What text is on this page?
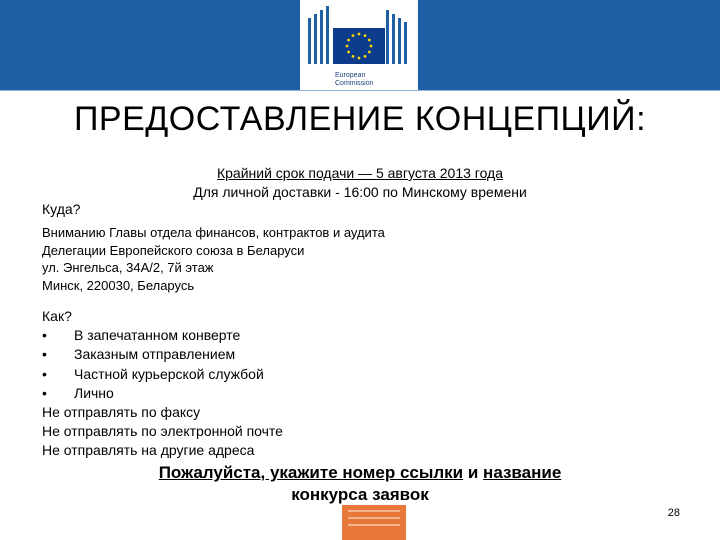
European
Commission
ПРЕДОСТАВЛЕНИЕ КОНЦЕПЦИЙ:
Крайний срок подачи — 5 августа 2013 года
Для личной доставки - 16:00 по Минскому времени
Куда?
Вниманию Главы отдела финансов, контрактов и аудита
Делегации Европейского союза в Беларуси
ул. Энгельса, 34А/2, 7й этаж
Минск, 220030, Беларусь
Как?
•	В запечатанном конверте
•	Заказным отправлением
•	Частной курьерской службой
•	Лично
Не отправлять по факсу
Не отправлять по электронной почте
Не отправлять на другие адреса
Пожалуйста, укажите номер ссылки и название
конкурса заявок
28
